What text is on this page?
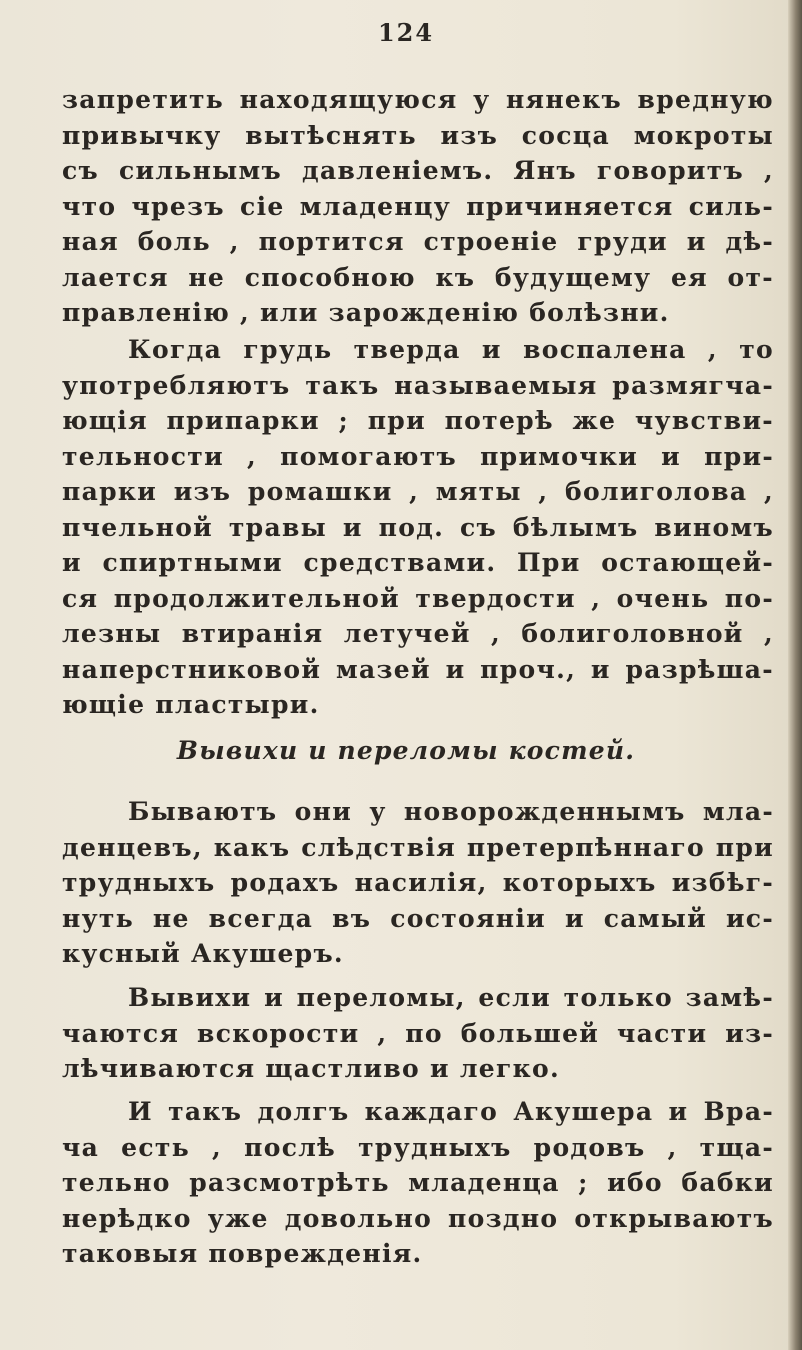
124
запретить находящуюся у нянекъ вредную
привычку вытѣснять изъ сосца мокроты
съ сильнымъ давленіемъ. Янъ говоритъ ,
что чрезъ сіе младенцу причиняется силь-
ная боль , портится строеніе груди и дѣ-
лается не способною къ будущему ея от-
правленію , или зарожденію болѣзни.
Когда грудь тверда и воспалена , то
употребляютъ такъ называемыя размягча-
ющія припарки ; при потерѣ же чувстви-
тельности , помогаютъ примочки и при-
парки изъ ромашки , мяты , болиголова ,
пчельной травы и под. съ бѣлымъ виномъ
и спиртными средствами. При остающей-
ся продолжительной твердости , очень по-
лезны втиранія летучей , болиголовной ,
наперстниковой мазей и проч., и разрѣша-
ющіе пластыри.
Вывихи и переломы костей.
Бываютъ они у новорожденнымъ мла-
денцевъ, какъ слѣдствія претерпѣннаго при
трудныхъ родахъ насилія, которыхъ избѣг-
нуть не всегда въ состояніи и самый ис-
кусный Акушеръ.
Вывихи и переломы, если только замѣ-
чаются вскорости , по большей части из-
лѣчиваются щастливо и легко.
И такъ долгъ каждаго Акушера и Вра-
ча есть , послѣ трудныхъ родовъ , тща-
тельно разсмотрѣть младенца ; ибо бабки
нерѣдко уже довольно поздно открываютъ
таковыя поврежденія.
